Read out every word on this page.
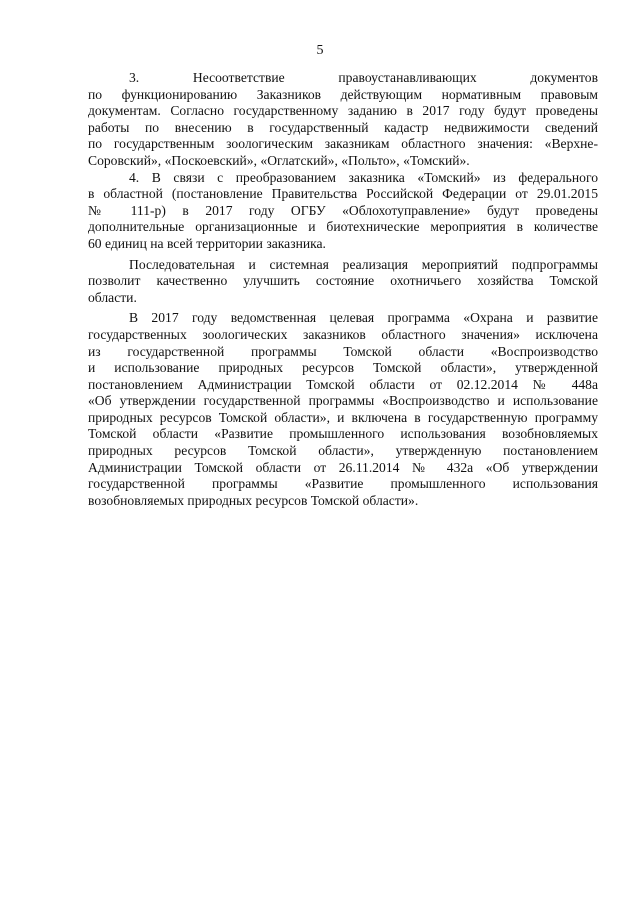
5
3. Несоответствие правоустанавливающих документов
по функционированию Заказников действующим нормативным правовым
документам. Согласно государственному заданию в 2017 году будут проведены
работы по внесению в государственный кадастр недвижимости сведений
по государственным зоологическим заказникам областного значения: «Верхне-
Соровский», «Поскоевский», «Оглатский», «Польто», «Томский».
4. В связи с преобразованием заказника «Томский» из федерального
в областной (постановление Правительства Российской Федерации от 29.01.2015
№ 111-р) в 2017 году ОГБУ «Облохотуправление» будут проведены
дополнительные организационные и биотехнические мероприятия в количестве
60 единиц на всей территории заказника.
Последовательная и системная реализация мероприятий подпрограммы
позволит качественно улучшить состояние охотничьего хозяйства Томской
области.
В 2017 году ведомственная целевая программа «Охрана и развитие
государственных зоологических заказников областного значения» исключена
из государственной программы Томской области «Воспроизводство
и использование природных ресурсов Томской области», утвержденной
постановлением Администрации Томской области от 02.12.2014 № 448а
«Об утверждении государственной программы «Воспроизводство и использование
природных ресурсов Томской области», и включена в государственную программу
Томской области «Развитие промышленного использования возобновляемых
природных ресурсов Томской области», утвержденную постановлением
Администрации Томской области от 26.11.2014 № 432а «Об утверждении
государственной программы «Развитие промышленного использования
возобновляемых природных ресурсов Томской области».
